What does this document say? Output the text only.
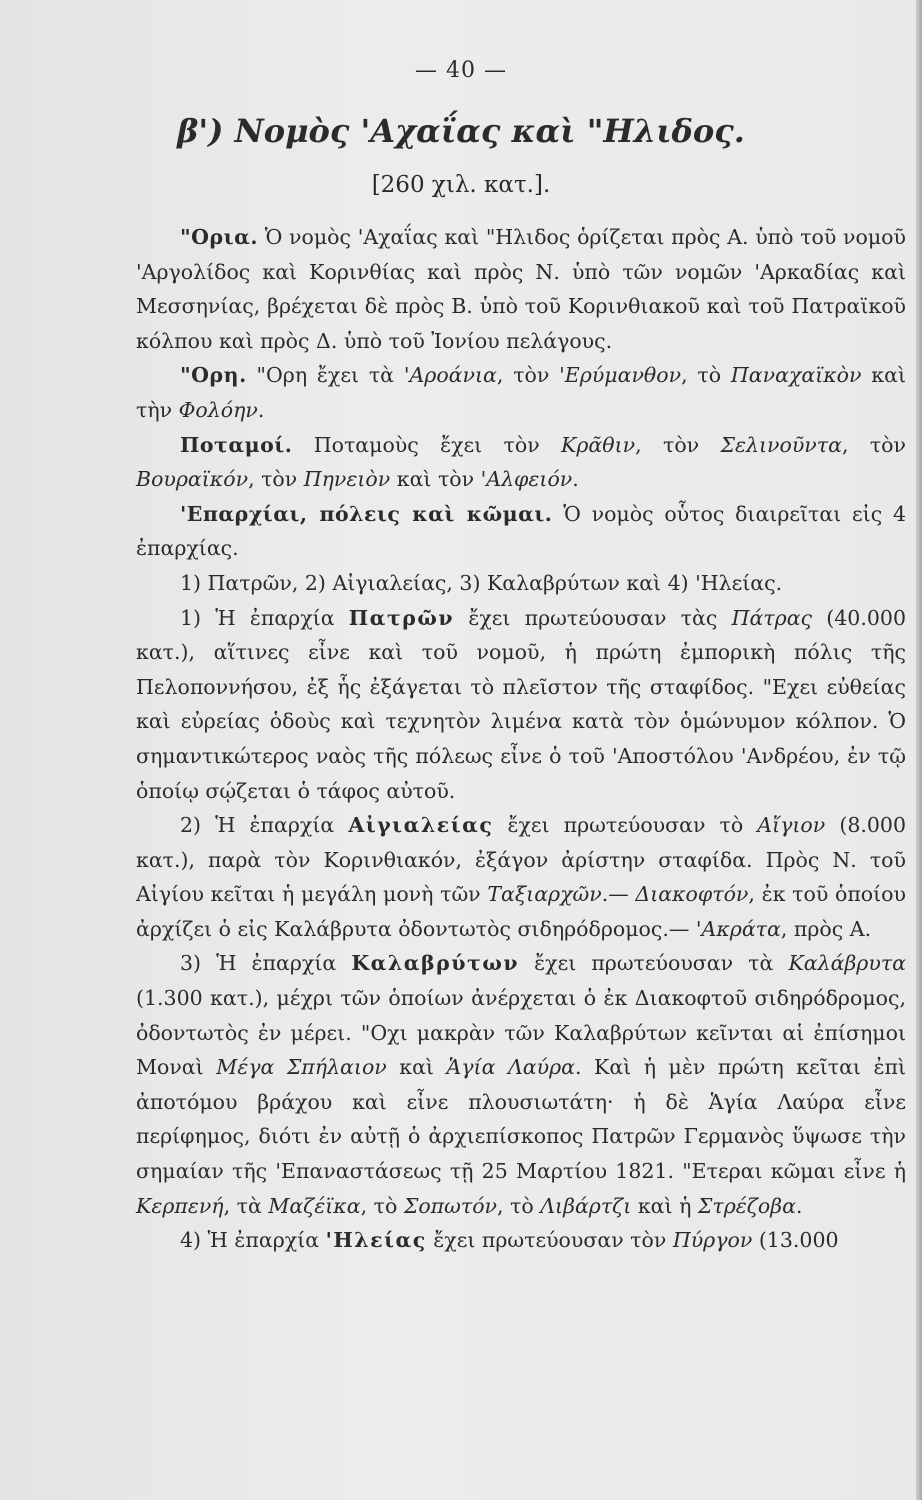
— 40 —
β') Νομὸς 'Αχαΐας καὶ "Ηλιδος.
[260 χιλ. κατ.].

"Ορια. Ὁ νομὸς 'Αχαΐας καὶ "Ηλιδος ὁρίζεται πρὸς Α. ὑπὸ τοῦ νομοῦ 'Αργολίδος καὶ Κορινθίας καὶ πρὸς Ν. ὑπὸ τῶν νομῶν 'Αρκαδίας καὶ Μεσσηνίας, βρέχεται δὲ πρὸς Β. ὑπὸ τοῦ Κορινθιακοῦ καὶ τοῦ Πατραϊκοῦ κόλπου καὶ πρὸς Δ. ὑπὸ τοῦ Ἰονίου πελάγους.

"Ορη. "Ορη ἔχει τὰ 'Αροάνια, τὸν 'Ερύμανθον, τὸ Παναχαϊκὸν καὶ τὴν Φολόην.

Ποταμοί. Ποταμοὺς ἔχει τὸν Κρᾶθιν, τὸν Σελινοῦντα, τὸν Βουραϊκόν, τὸν Πηνειὸν καὶ τὸν 'Αλφειόν.

'Επαρχίαι, πόλεις καὶ κῶμαι. Ὁ νομὸς οὗτος διαιρεῖται εἰς 4 ἐπαρχίας.

1) Πατρῶν, 2) Αἰγιαλείας, 3) Καλαβρύτων καὶ 4) 'Ηλείας.

1) Ἡ ἐπαρχία Πατρῶν ἔχει πρωτεύουσαν τὰς Πάτρας (40.000 κατ.), αἵτινες εἶνε καὶ τοῦ νομοῦ, ἡ πρώτη ἐμπορικὴ πόλις τῆς Πελοποννήσου, ἐξ ἧς ἐξάγεται τὸ πλεῖστον τῆς σταφίδος. "Εχει εὐθείας καὶ εὐρείας ὁδοὺς καὶ τεχνητὸν λιμένα κατὰ τὸν ὁμώνυμον κόλπον. Ὁ σημαντικώτερος ναὸς τῆς πόλεως εἶνε ὁ τοῦ 'Αποστόλου 'Ανδρέου, ἐν τῷ ὁποίῳ σῴζεται ὁ τάφος αὐτοῦ.

2) Ἡ ἐπαρχία Αἰγιαλείας ἔχει πρωτεύουσαν τὸ Αἴγιον (8.000 κατ.), παρὰ τὸν Κορινθιακόν, ἐξάγον ἀρίστην σταφίδα. Πρὸς Ν. τοῦ Αἰγίου κεῖται ἡ μεγάλη μονὴ τῶν Ταξιαρχῶν.— Διακοφτόν, ἐκ τοῦ ὁποίου ἀρχίζει ὁ εἰς Καλάβρυτα ὀδοντωτὸς σιδηρόδρομος.— 'Ακράτα, πρὸς Α.

3) Ἡ ἐπαρχία Καλαβρύτων ἔχει πρωτεύουσαν τὰ Καλάβρυτα (1.300 κατ.), μέχρι τῶν ὁποίων ἀνέρχεται ὁ ἐκ Διακοφτοῦ σιδηρόδρομος, ὀδοντωτὸς ἐν μέρει. "Οχι μακρὰν τῶν Καλαβρύτων κεῖνται αἱ ἐπίσημοι Μοναὶ Μέγα Σπήλαιον καὶ Ἁγία Λαύρα. Καὶ ἡ μὲν πρώτη κεῖται ἐπὶ ἀποτόμου βράχου καὶ εἶνε πλουσιωτάτη· ἡ δὲ Ἁγία Λαύρα εἶνε περίφημος, διότι ἐν αὐτῇ ὁ ἀρχιεπίσκοπος Πατρῶν Γερμανὸς ὕψωσε τὴν σημαίαν τῆς 'Επαναστάσεως τῇ 25 Μαρτίου 1821. "Ετεραι κῶμαι εἶνε ἡ Κερπενή, τὰ Μαζέϊκα, τὸ Σοπωτόν, τὸ Λιβάρτζι καὶ ἡ Στρέζοβα.

4) Ἡ ἐπαρχία 'Ηλείας ἔχει πρωτεύουσαν τὸν Πύργον (13.000
